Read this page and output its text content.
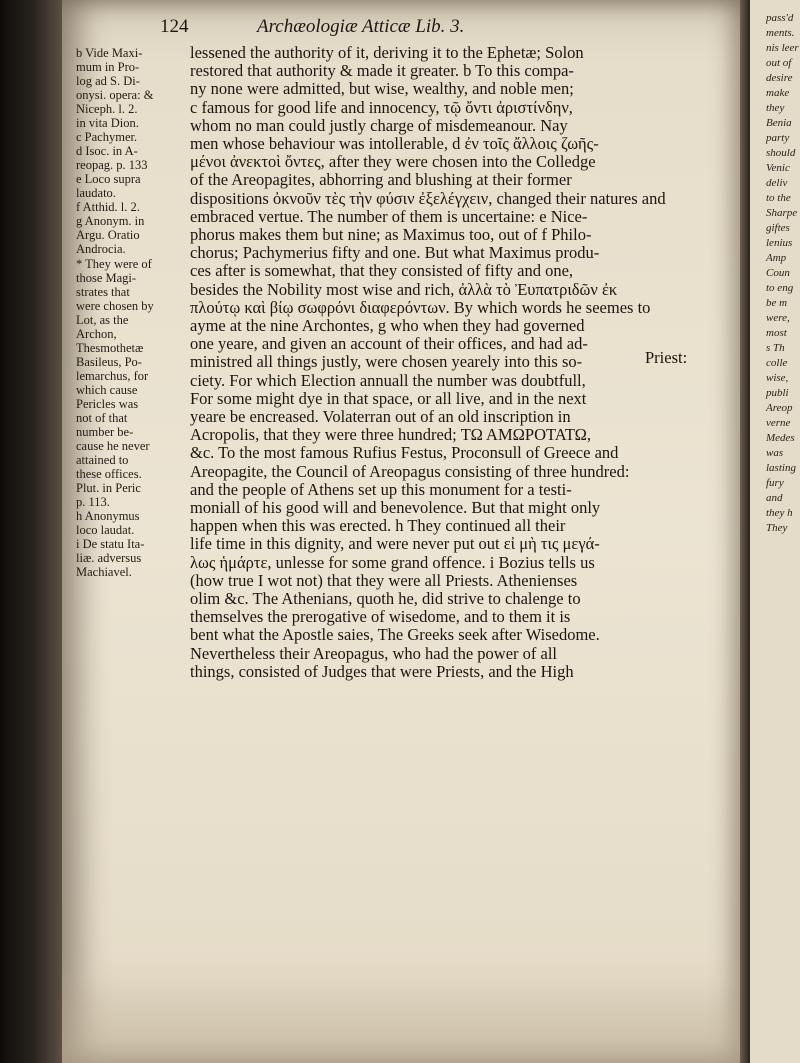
pass'd
ments.
nis leer
out of
desire
make
they
Benia
party
should
Venic
deliv
to the
Sharpe
giftes
lenius
Amp
Coun
to eng
be m
were,
most
s Th
colle
wise,
publi
Areop
verne
Medes
was
lasting
fury
and
they h
They
124	Archæologiæ Atticæ Lib. 3.
b Vide Maxi-
mum in Pro-
log ad S. Di-
onysi. opera: &
Niceph. l. 2.
in vita Dion.
c Pachymer.
d Isoc. in A-
reopag. p. 133
e Loco supra
laudato.
f Atthid. l. 2.
g Anonym. in
Argu. Oratio
Androcia.
* They were of
those Magi-
strates that
were chosen by
Lot, as the
Archon,
Thesmothetæ
Basileus, Po-
lemarchus, for
which cause
Pericles was
not of that
number be-
cause he never
attained to
these offices.
Plut. in Peric
p. 113.
h Anonymus
loco laudat.
i De statu Ita-
liæ. adversus
Machiavel.
lessened the authority of it, deriving it to the Ephetæ; Solon
restored that authority & made it greater. b To this compa-
ny none were admitted, but wise, wealthy, and noble men;
c famous for good life and innocency, τῷ ὄντι ἀριστίνδην,
whom no man could justly charge of misdemeanour. Nay
men whose behaviour was intollerable, d ἐν τοῖς ἄλλοις ζωῆς-
μένοι ἀνεκτοὶ ὄντες, after they were chosen into the Colledge
of the Areopagites, abhorring and blushing at their former
dispositions ὀκνοῦν τὲς τὴν φύσιν ἐξελέγχειν, changed their natures and
embraced vertue. The number of them is uncertaine: e Nice-
phorus makes them but nine; as Maximus too, out of f Philo-
chorus; Pachymerius fifty and one. But what Maximus produ-
ces after is somewhat, that they consisted of fifty and one,
besides the Nobility most wise and rich, ἀλλὰ τὸ Ἐυπατριδῶν ἐκ
πλούτῳ καὶ βίῳ σωφρόνι διαφερόντων. By which words he seemes to
ayme at the nine Archontes, g who when they had governed
one yeare, and given an account of their offices, and had ad-
ministred all things justly, were chosen yearely into this so-
ciety. For which Election annuall the number was doubtfull,
For some might dye in that space, or all live, and in the next
yeare be encreased. Volaterran out of an old inscription in
Acropolis, that they were three hundred; ΤΩ ΑΜΩΡΟΤΑΤΩ,
&c. To the most famous Rufius Festus, Proconsull of Greece and
Areopagite, the Council of Areopagus consisting of three hundred:
and the people of Athens set up this monument for a testi-
moniall of his good will and benevolence. But that might only
happen when this was erected. h They continued all their
life time in this dignity, and were never put out εἰ μὴ τις μεγά-
λως ἡμάρτε, unlesse for some grand offence. i Bozius tells us
(how true I wot not) that they were all Priests. Athenienses
olim &c. The Athenians, quoth he, did strive to chalenge to
themselves the prerogative of wisedome, and to them it is
bent what the Apostle saies, The Greeks seek after Wisedome.
Nevertheless their Areopagus, who had the power of all
things, consisted of Judges that were Priests, and the High
Priest:
